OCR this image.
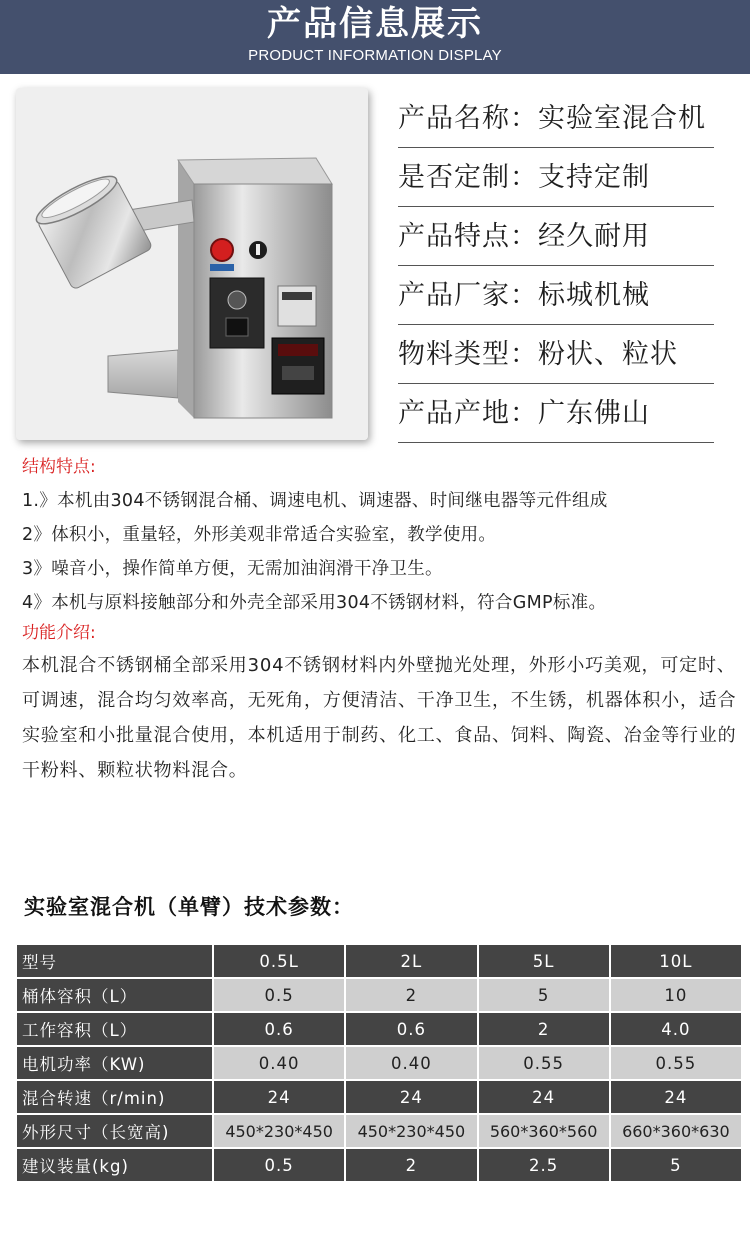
产品信息展示
PRODUCT INFORMATION DISPLAY
产品名称：实验室混合机
是否定制：支持定制
产品特点：经久耐用
产品厂家：标城机械
物料类型：粉状、粒状
产品产地：广东佛山
结构特点:
1.》本机由304不锈钢混合桶、调速电机、调速器、时间继电器等元件组成
2》体积小，重量轻，外形美观非常适合实验室，教学使用。
3》噪音小，操作简单方便，无需加油润滑干净卫生。
4》本机与原料接触部分和外壳全部采用304不锈钢材料，符合GMP标准。
功能介绍:
本机混合不锈钢桶全部采用304不锈钢材料内外壁抛光处理，外形小巧美观，可定时、可调速，混合均匀效率高，无死角，方便清洁、干净卫生，不生锈，机器体积小，适合实验室和小批量混合使用，本机适用于制药、化工、食品、饲料、陶瓷、冶金等行业的干粉料、颗粒状物料混合。
实验室混合机（单臂）技术参数：
型号	0.5L	2L	5L	10L
桶体容积（L）	0.5	2	5	10
工作容积（L）	0.6	0.6	2	4.0
电机功率（KW)	0.40	0.40	0.55	0.55
混合转速（r/min)	24	24	24	24
外形尺寸（长宽高)	450*230*450	450*230*450	560*360*560	660*360*630
建议装量(kg)	0.5	2	2.5	5
